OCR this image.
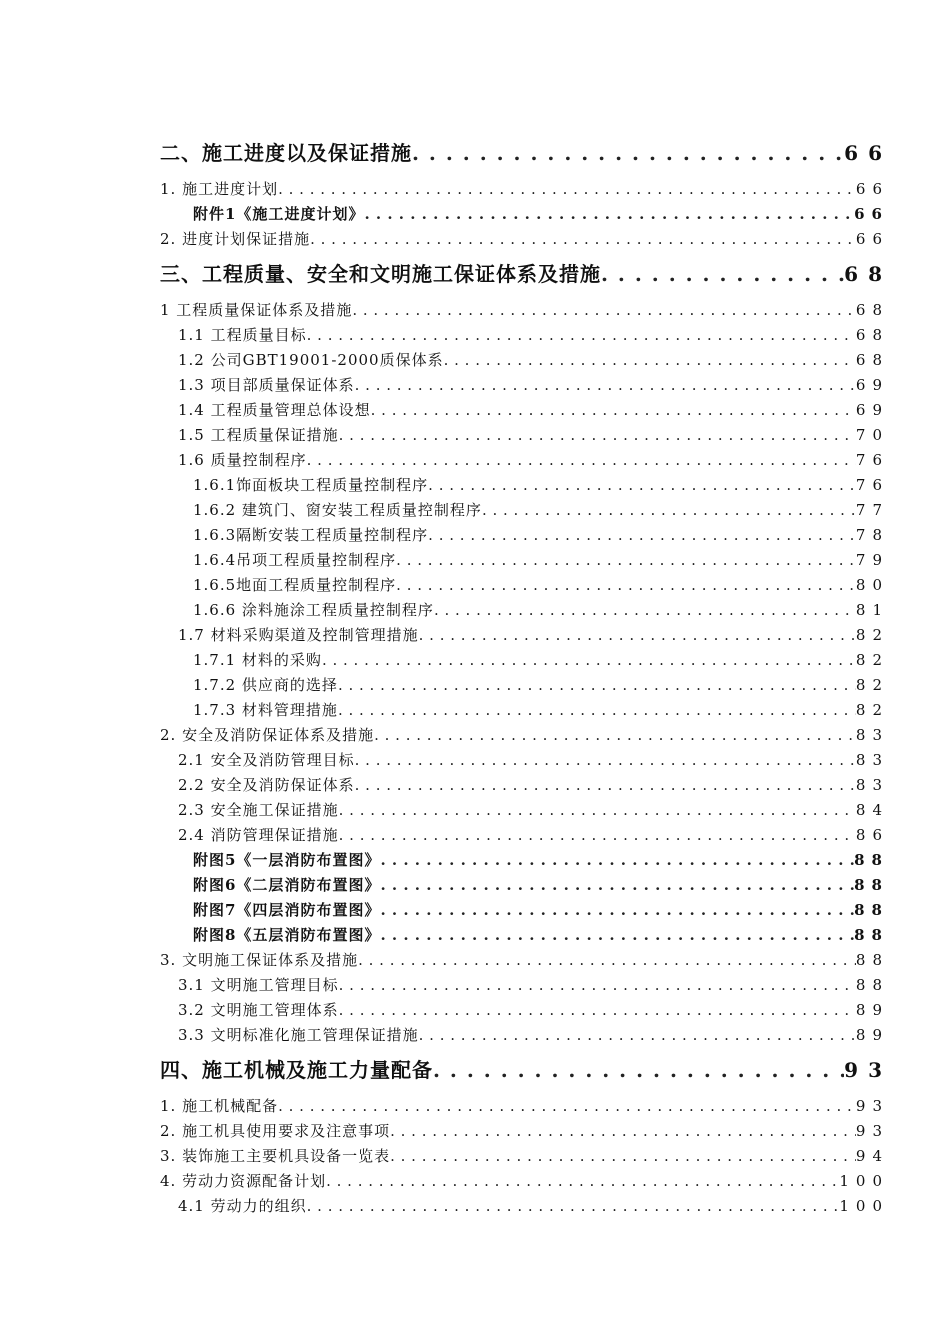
二、施工进度以及保证措施 . . .	66
1. 施工进度计划 . . .	66
附件1《施工进度计划》 . . .	66
2. 进度计划保证措施 . . .	66
三、工程质量、安全和文明施工保证体系及措施 . . .	68
1 工程质量保证体系及措施 . . .	68
1.1 工程质量目标 . . .	68
1.2 公司GBT19001-2000质保体系 . . .	68
1.3 项目部质量保证体系 . . .	69
1.4 工程质量管理总体设想 . . .	69
1.5 工程质量保证措施 . . .	70
1.6 质量控制程序 . . .	76
1.6.1饰面板块工程质量控制程序 . . .	76
1.6.2 建筑门、窗安装工程质量控制程序 . . .	77
1.6.3隔断安装工程质量控制程序 . . .	78
1.6.4吊项工程质量控制程序 . . .	79
1.6.5地面工程质量控制程序 . . .	80
1.6.6 涂料施涂工程质量控制程序 . . .	81
1.7 材料采购渠道及控制管理措施 . . .	82
1.7.1 材料的采购 . . .	82
1.7.2 供应商的选择 . . .	82
1.7.3 材料管理措施 . . .	82
2. 安全及消防保证体系及措施 . . .	83
2.1 安全及消防管理目标 . . .	83
2.2 安全及消防保证体系 . . .	83
2.3 安全施工保证措施 . . .	84
2.4 消防管理保证措施 . . .	86
附图5《一层消防布置图》 . . .	88
附图6《二层消防布置图》 . . .	88
附图7《四层消防布置图》 . . .	88
附图8《五层消防布置图》 . . .	88
3. 文明施工保证体系及措施 . . .	88
3.1 文明施工管理目标 . . .	88
3.2 文明施工管理体系 . . .	89
3.3 文明标准化施工管理保证措施 . . .	89
四、施工机械及施工力量配备 . . .	93
1. 施工机械配备 . . .	93
2. 施工机具使用要求及注意事项 . . .	93
3. 装饰施工主要机具设备一览表 . . .	94
4. 劳动力资源配备计划 . . .	100
4.1 劳动力的组织 . . .	100
